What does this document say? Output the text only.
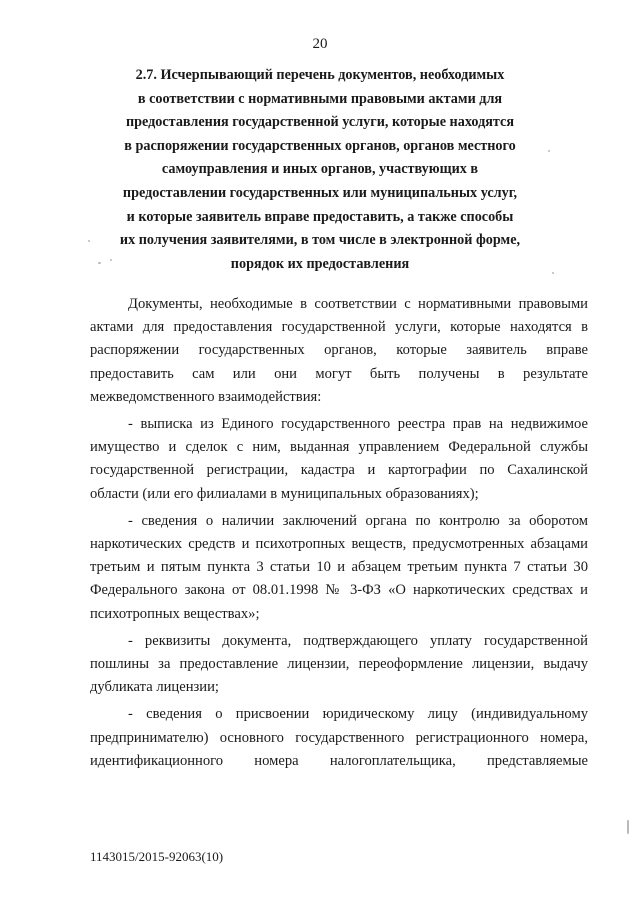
20
2.7. Исчерпывающий перечень документов, необходимых
в соответствии с нормативными правовыми актами для
предоставления государственной услуги, которые находятся
в распоряжении государственных органов, органов местного
самоуправления и иных органов, участвующих в
предоставлении государственных или муниципальных услуг,
и которые заявитель вправе предоставить, а также способы
их получения заявителями, в том числе в электронной форме,
порядок их предоставления
Документы, необходимые в соответствии с нормативными правовыми
актами для предоставления государственной услуги, которые находятся в
распоряжении государственных органов, которые заявитель вправе
предоставить сам или они могут быть получены в результате
межведомственного взаимодействия:
- выписка из Единого государственного реестра прав на недвижимое
имущество и сделок с ним, выданная управлением Федеральной службы
государственной регистрации, кадастра и картографии по Сахалинской
области (или его филиалами в муниципальных образованиях);
- сведения о наличии заключений органа по контролю за оборотом
наркотических средств и психотропных веществ, предусмотренных абзацами
третьим и пятым пункта 3 статьи 10 и абзацем третьим пункта 7 статьи 30
Федерального закона от 08.01.1998 № 3-ФЗ «О наркотических средствах и
психотропных веществах»;
- реквизиты документа, подтверждающего уплату государственной
пошлины за предоставление лицензии, переоформление лицензии, выдачу
дубликата лицензии;
- сведения о присвоении юридическому лицу (индивидуальному
предпринимателю) основного государственного регистрационного номера,
идентификационного номера налогоплательщика, представляемые
1143015/2015-92063(10)
